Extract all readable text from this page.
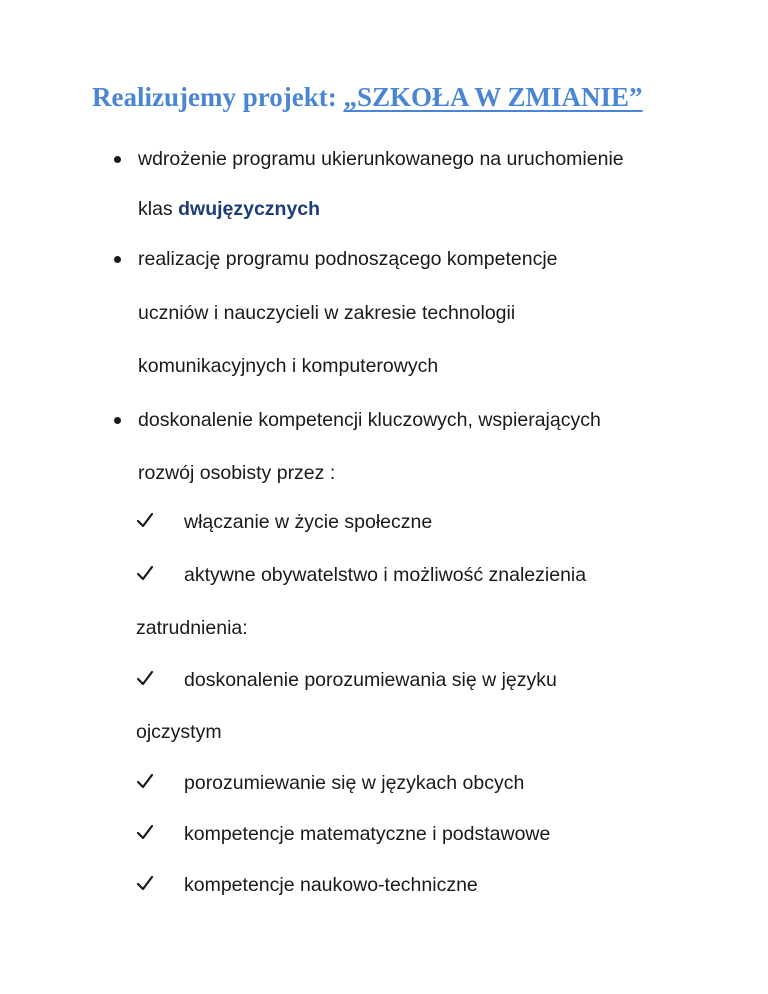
Realizujemy projekt: „SZKOŁA W ZMIANIE”
wdrożenie programu ukierunkowanego na uruchomienie
klas dwujęzycznych
realizację programu podnoszącego kompetencje
uczniów i nauczycieli w zakresie technologii
komunikacyjnych i komputerowych
doskonalenie kompetencji kluczowych, wspierających
rozwój osobisty przez :
włączanie w życie społeczne
aktywne obywatelstwo i możliwość znalezienia
zatrudnienia:
doskonalenie porozumiewania się w języku
ojczystym
porozumiewanie się w językach obcych
kompetencje matematyczne i podstawowe
kompetencje naukowo-techniczne
